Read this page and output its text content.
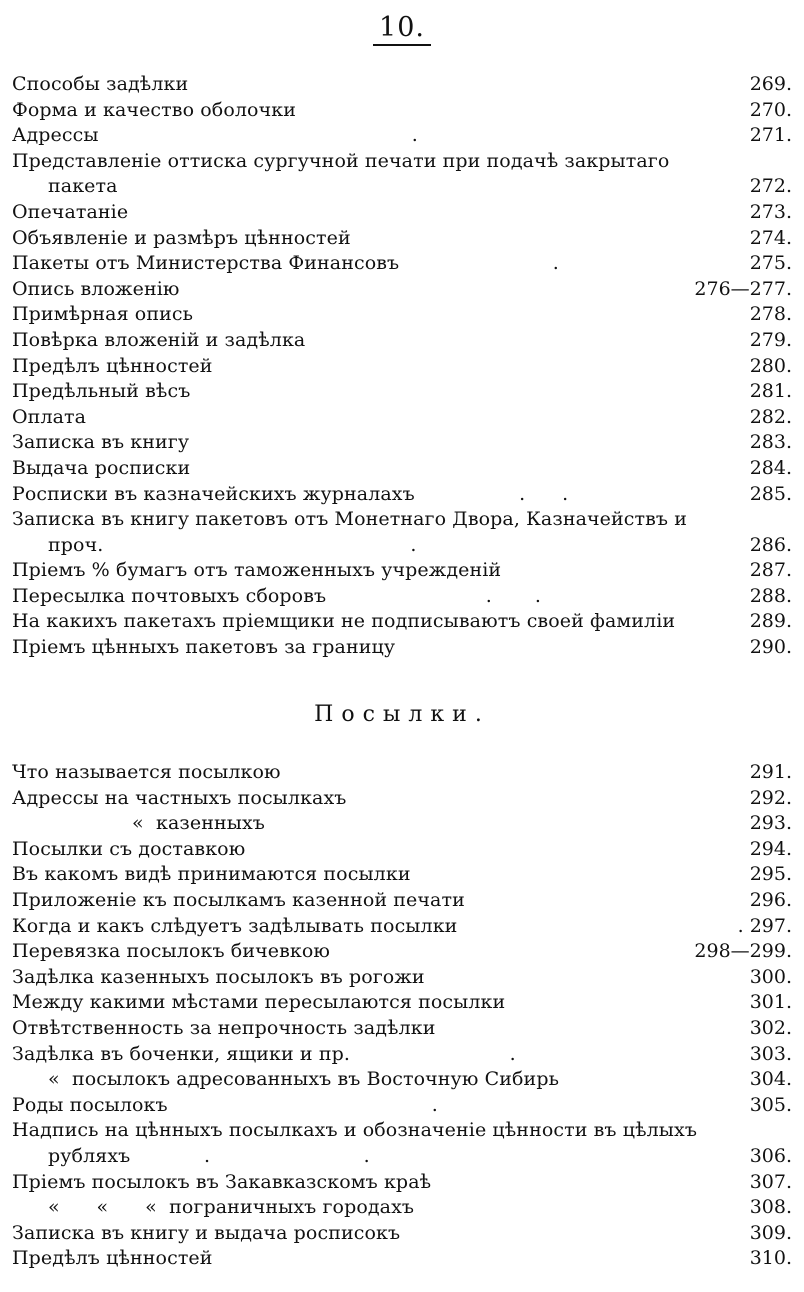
10.
Способы задѣлки	269.
Форма и качество оболочки	270.
Адрессы                                                   .	271.
Представленіе оттиска сургучной печати при подачѣ закрытаго
пакета	272.
Опечатаніе	273.
Объявленіе и размѣръ цѣнностей	274.
Пакеты отъ Министерства Финансовъ                         .	275.
Опись вложенію	276—277.
Примѣрная опись	278.
Повѣрка вложеній и задѣлка	279.
Предѣлъ цѣнностей	280.
Предѣльный вѣсъ	281.
Оплата	282.
Записка въ книгу	283.
Выдача росписки	284.
Росписки въ казначейскихъ журналахъ                 .      .	285.
Записка въ книгу пакетовъ отъ Монетнаго Двора, Казначействъ и
проч.                                                  .	286.
Пріемъ % бумагъ отъ таможенныхъ учрежденій	287.
Пересылка почтовыхъ сборовъ                          .       .	288.
На какихъ пакетахъ пріемщики не подписываютъ своей фамиліи	289.
Пріемъ цѣнныхъ пакетовъ за границу	290.
Посылки.
Что называется посылкою	291.
Адрессы на частныхъ посылкахъ	292.
«  казенныхъ	293.
Посылки съ доставкою	294.
Въ какомъ видѣ принимаются посылки	295.
Приложеніе къ посылкамъ казенной печати	296.
Когда и какъ слѣдуетъ задѣлывать посылки	. 297.
Перевязка посылокъ бичевкою	298—299.
Задѣлка казенныхъ посылокъ въ рогожи	300.
Между какими мѣстами пересылаются посылки	301.
Отвѣтственность за непрочность задѣлки	302.
Задѣлка въ боченки, ящики и пр.                          .	303.
«  посылокъ адресованныхъ въ Восточную Сибирь	304.
Роды посылокъ                                           .	305.
Надпись на цѣнныхъ посылкахъ и обозначеніе цѣнности въ цѣлыхъ
рубляхъ            .                         .	306.
Пріемъ посылокъ въ Закавказскомъ краѣ	307.
«      «      «  пограничныхъ городахъ	308.
Записка въ книгу и выдача росписокъ	309.
Предѣлъ цѣнностей	310.
